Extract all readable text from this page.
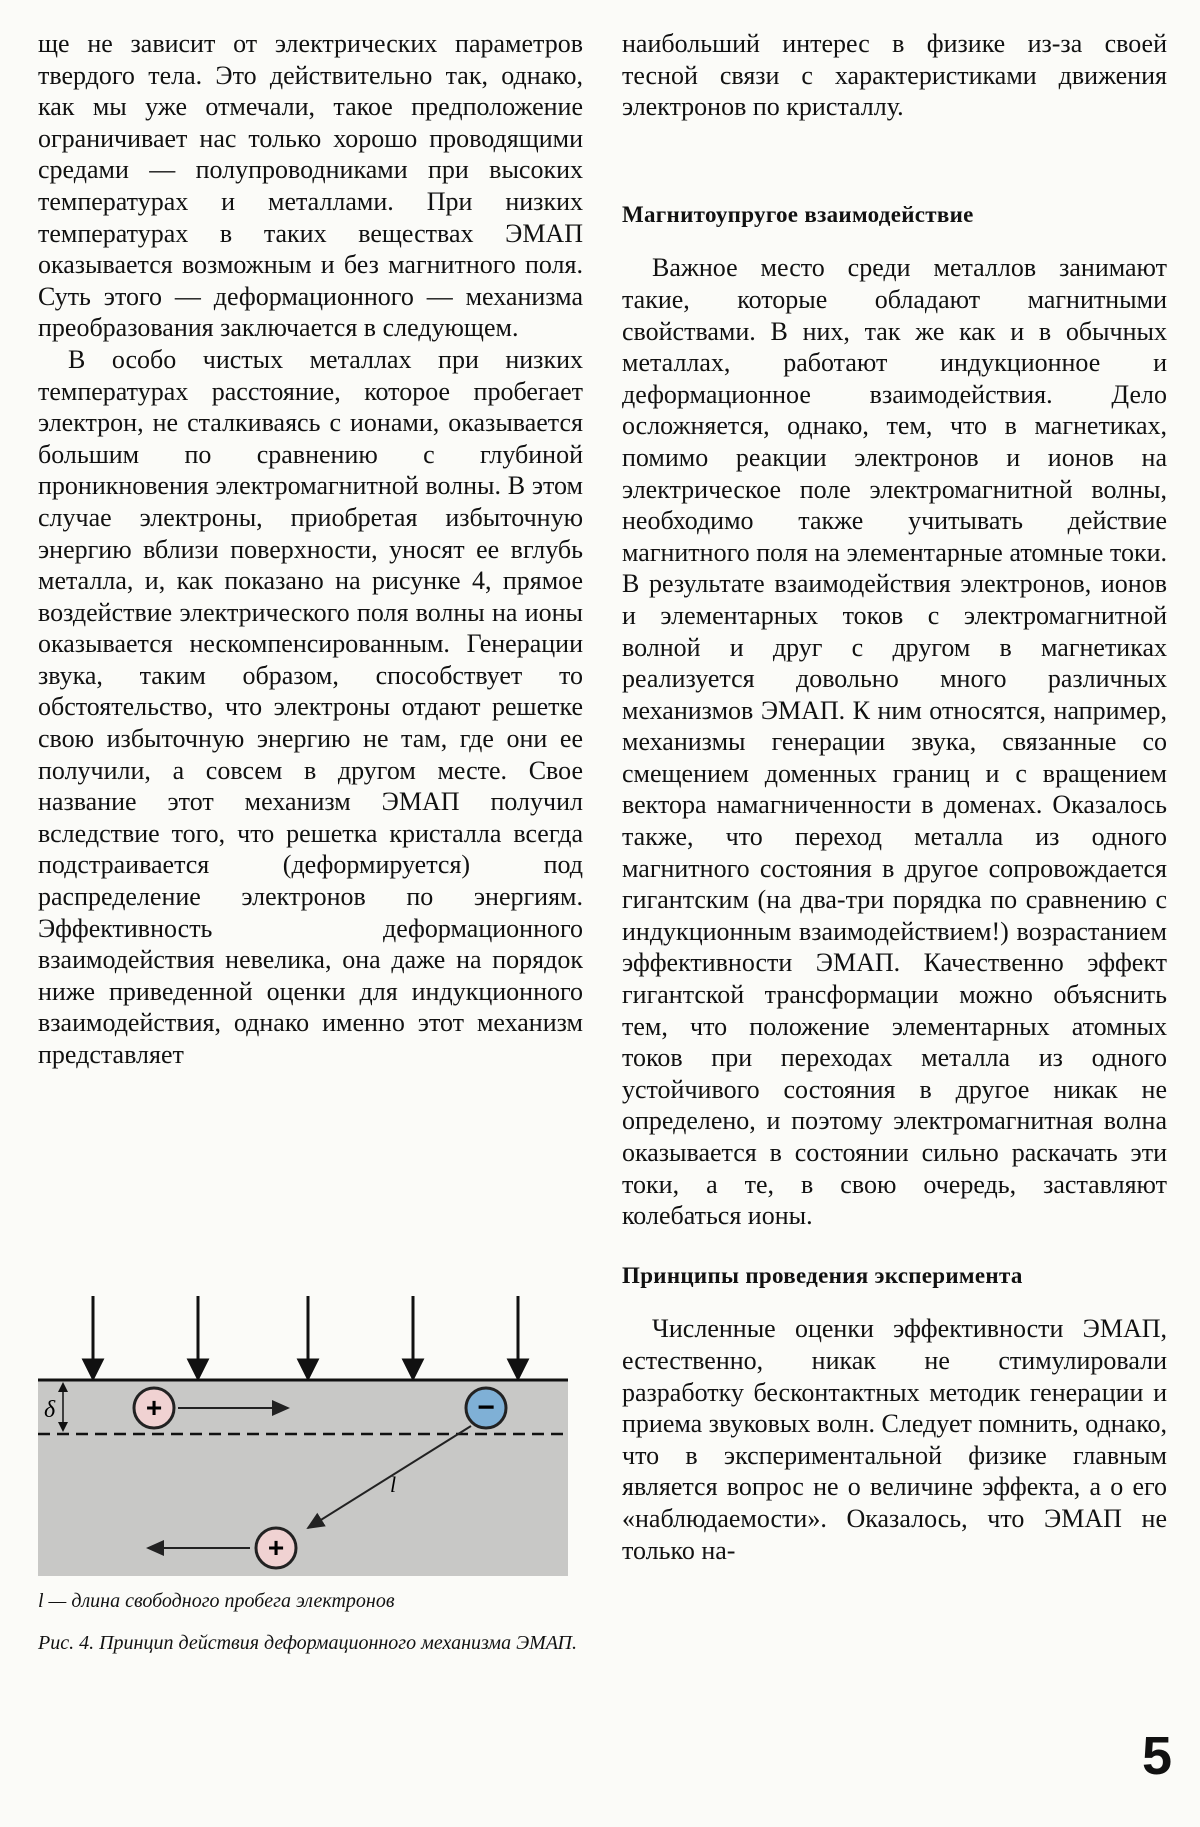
ще не зависит от электрических параметров твердого тела. Это действительно так, однако, как мы уже отмечали, такое предположение ограничивает нас только хорошо проводящими средами — полупроводниками при высоких температурах и металлами. При низких температурах в таких веществах ЭМАП оказывается возможным и без магнитного поля. Суть этого — деформационного — механизма преобразования заключается в следующем.

В особо чистых металлах при низких температурах расстояние, которое пробегает электрон, не сталкиваясь с ионами, оказывается большим по сравнению с глубиной проникновения электромагнитной волны. В этом случае электроны, приобретая избыточную энергию вблизи поверхности, уносят ее вглубь металла, и, как показано на рисунке 4, прямое воздействие электрического поля волны на ионы оказывается нескомпенсированным. Генерации звука, таким образом, способствует то обстоятельство, что электроны отдают решетке свою избыточную энергию не там, где они ее получили, а совсем в другом месте. Свое название этот механизм ЭМАП получил вследствие того, что решетка кристалла всегда подстраивается (деформируется) под распределение электронов по энергиям. Эффективность деформационного взаимодействия невелика, она даже на порядок ниже приведенной оценки для индукционного взаимодействия, однако именно этот механизм представляет

наибольший интерес в физике из-за своей тесной связи с характеристиками движения электронов по кристаллу.

Магнитоупругое взаимодействие

Важное место среди металлов занимают такие, которые обладают магнитными свойствами. В них, так же как и в обычных металлах, работают индукционное и деформационное взаимодействия. Дело осложняется, однако, тем, что в магнетиках, помимо реакции электронов и ионов на электрическое поле электромагнитной волны, необходимо также учитывать действие магнитного поля на элементарные атомные токи. В результате взаимодействия электронов, ионов и элементарных токов с электромагнитной волной и друг с другом в магнетиках реализуется довольно много различных механизмов ЭМАП. К ним относятся, например, механизмы генерации звука, связанные со смещением доменных границ и с вращением вектора намагниченности в доменах. Оказалось также, что переход металла из одного магнитного состояния в другое сопровождается гигантским (на два-три порядка по сравнению с индукционным взаимодействием!) возрастанием эффективности ЭМАП. Качественно эффект гигантской трансформации можно объяснить тем, что положение элементарных атомных токов при переходах металла из одного устойчивого состояния в другое никак не определено, и поэтому электромагнитная волна оказывается в состоянии сильно раскачать эти токи, а те, в свою очередь, заставляют колебаться ионы.

Принципы проведения эксперимента

Численные оценки эффективности ЭМАП, естественно, никак не стимулировали разработку бесконтактных методик генерации и приема звуковых волн. Следует помнить, однако, что в экспериментальной физике главным является вопрос не о величине эффекта, а о его «наблюдаемости». Оказалось, что ЭМАП не только на-

δ	+	−
l
+
l — длина свободного пробега электронов
Рис. 4. Принцип действия деформационного механизма ЭМАП.
5
